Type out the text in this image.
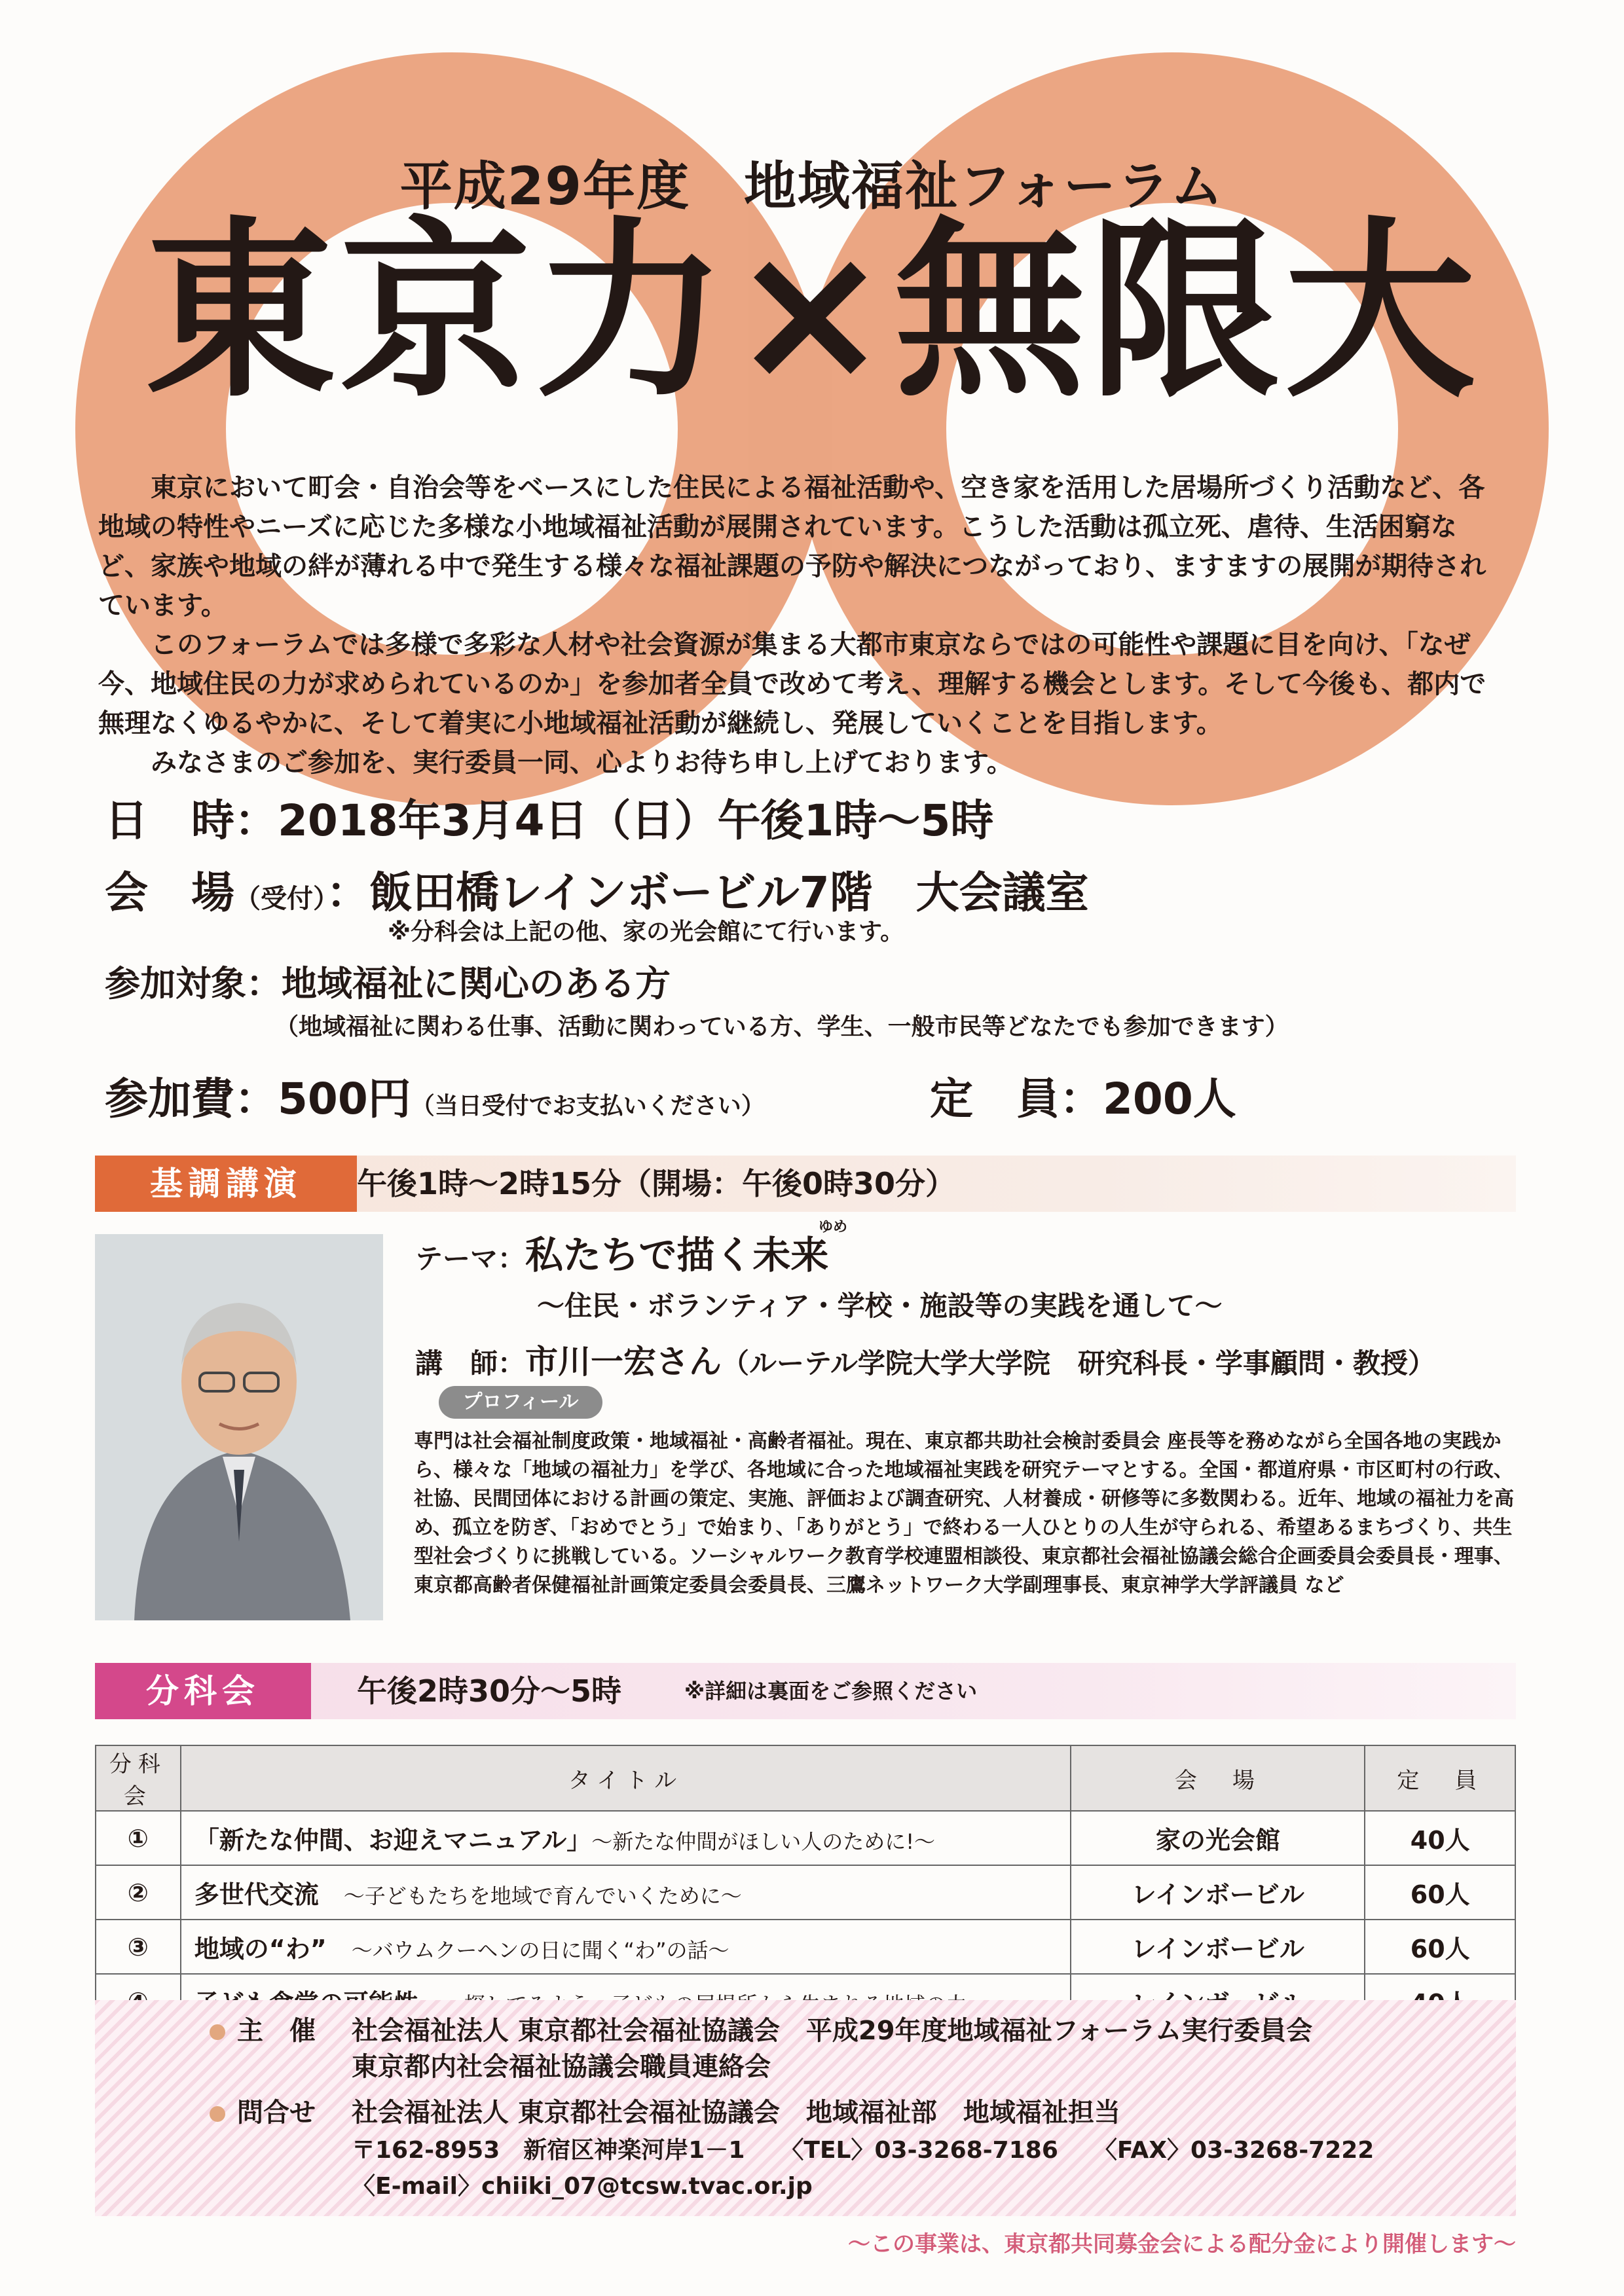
平成29年度　地域福祉フォーラム
東京力×無限大

東京において町会・自治会等をベースにした住民による福祉活動や、空き家を活用した居場所づくり活動など、各地域の特性やニーズに応じた多様な小地域福祉活動が展開されています。こうした活動は孤立死、虐待、生活困窮など、家族や地域の絆が薄れる中で発生する様々な福祉課題の予防や解決につながっており、ますますの展開が期待されています。

このフォーラムでは多様で多彩な人材や社会資源が集まる大都市東京ならではの可能性や課題に目を向け、「なぜ今、地域住民の力が求められているのか」を参加者全員で改めて考え、理解する機会とします。そして今後も、都内で無理なくゆるやかに、そして着実に小地域福祉活動が継続し、発展していくことを目指します。

みなさまのご参加を、実行委員一同、心よりお待ち申し上げております。

日　時：2018年3月4日（日）午後1時～5時
会　場（受付）：飯田橋レインボービル7階　大会議室
※分科会は上記の他、家の光会館にて行います。
参加対象：地域福祉に関心のある方
（地域福祉に関わる仕事、活動に関わっている方、学生、一般市民等どなたでも参加できます）
参加費：500円（当日受付でお支払いください）	定　員：200人
基調講演	午後1時～2時15分（開場：午後0時30分）
テーマ：私たちで描く未来
ゆめ
～住民・ボランティア・学校・施設等の実践を通して～
講　師：市川一宏さん（ルーテル学院大学大学院　研究科長・学事顧問・教授）
プロフィール
専門は社会福祉制度政策・地域福祉・高齢者福祉。現在、東京都共助社会検討委員会 座長等を務めながら全国各地の実践から、様々な「地域の福祉力」を学び、各地域に合った地域福祉実践を研究テーマとする。全国・都道府県・市区町村の行政、社協、民間団体における計画の策定、実施、評価および調査研究、人材養成・研修等に多数関わる。近年、地域の福祉力を高め、孤立を防ぎ、「おめでとう」で始まり、「ありがとう」で終わる一人ひとりの人生が守られる、希望あるまちづくり、共生型社会づくりに挑戦している。ソーシャルワーク教育学校連盟相談役、東京都社会福祉協議会総合企画委員会委員長・理事、東京都高齢者保健福祉計画策定委員会委員長、三鷹ネットワーク大学副理事長、東京神学大学評議員 など
分科会	午後2時30分～5時	※詳細は裏面をご参照ください
分科会	タイトル	会　場	定　員
①	「新たな仲間、お迎えマニュアル」～新たな仲間がほしい人のために!～	家の光会館	40人
②	多世代交流　 ～子どもたちを地域で育んでいくために～	レインボービル	60人
③	地域の“わ”　 ～バウムクーヘンの日に聞く“わ”の話～	レインボービル	60人

主　催 社会福祉法人 東京都社会福祉協議会　平成29年度地域福祉フォーラム実行委員会
東京都内社会福祉協議会職員連絡会
問合せ 社会福祉法人 東京都社会福祉協議会　地域福祉部　地域福祉担当
〒162-8953　新宿区神楽河岸1－1　　 〈TEL〉03-3268-7186　　 〈FAX〉03-3268-7222
〈E-mail〉chiiki_07@tcsw.tvac.or.jp
～この事業は、東京都共同募金会による配分金により開催します～
